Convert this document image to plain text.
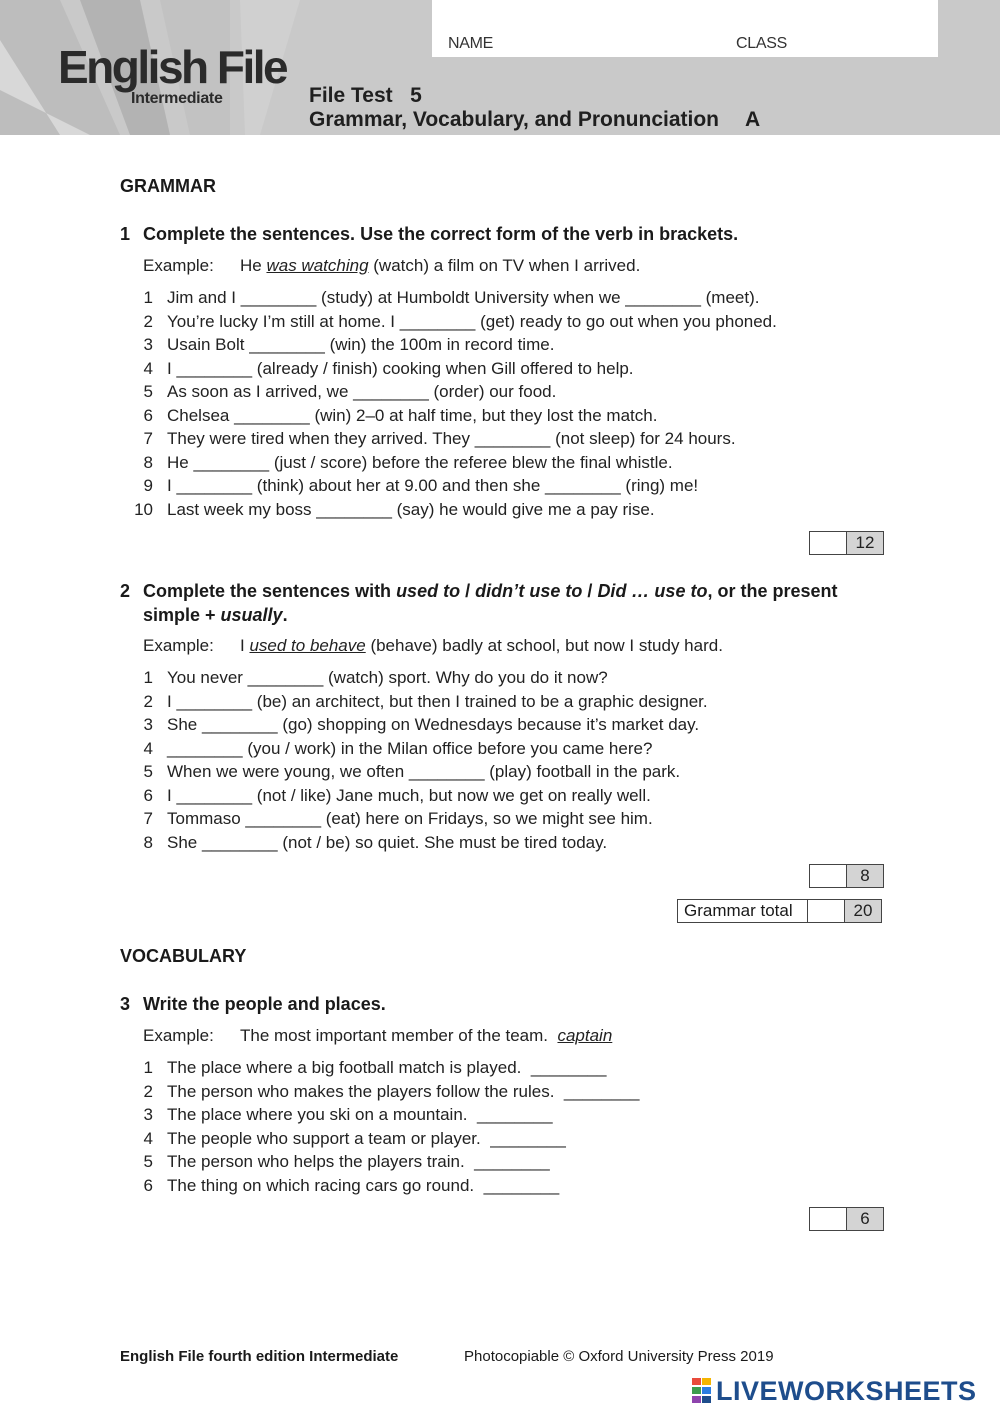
English File
Intermediate
NAME	CLASS
File Test   5
Grammar, Vocabulary, and Pronunciation A
GRAMMAR
1 Complete the sentences. Use the correct form of the verb in brackets.
Example: He was watching (watch) a film on TV when I arrived.
1 Jim and I ________ (study) at Humboldt University when we ________ (meet).
2 You’re lucky I’m still at home. I ________ (get) ready to go out when you phoned.
3 Usain Bolt ________ (win) the 100m in record time.
4 I ________ (already / finish) cooking when Gill offered to help.
5 As soon as I arrived, we ________ (order) our food.
6 Chelsea ________ (win) 2–0 at half time, but they lost the match.
7 They were tired when they arrived. They ________ (not sleep) for 24 hours.
8 He ________ (just / score) before the referee blew the final whistle.
9 I ________ (think) about her at 9.00 and then she ________ (ring) me!
10 Last week my boss ________ (say) he would give me a pay rise.
12
2 Complete the sentences with used to / didn’t use to / Did … use to, or the present simple + usually.
Example: I used to behave (behave) badly at school, but now I study hard.
1 You never ________ (watch) sport. Why do you do it now?
2 I ________ (be) an architect, but then I trained to be a graphic designer.
3 She ________ (go) shopping on Wednesdays because it’s market day.
4 ________ (you / work) in the Milan office before you came here?
5 When we were young, we often ________ (play) football in the park.
6 I ________ (not / like) Jane much, but now we get on really well.
7 Tommaso ________ (eat) here on Fridays, so we might see him.
8 She ________ (not / be) so quiet. She must be tired today.
8
Grammar total	20
VOCABULARY
3 Write the people and places.
Example: The most important member of the team.  captain
1 The place where a big football match is played.  ________
2 The person who makes the players follow the rules.  ________
3 The place where you ski on a mountain.  ________
4 The people who support a team or player.  ________
5 The person who helps the players train.  ________
6 The thing on which racing cars go round.  ________
6
English File fourth edition Intermediate	Photocopiable © Oxford University Press 2019
LIVEWORKSHEETS
